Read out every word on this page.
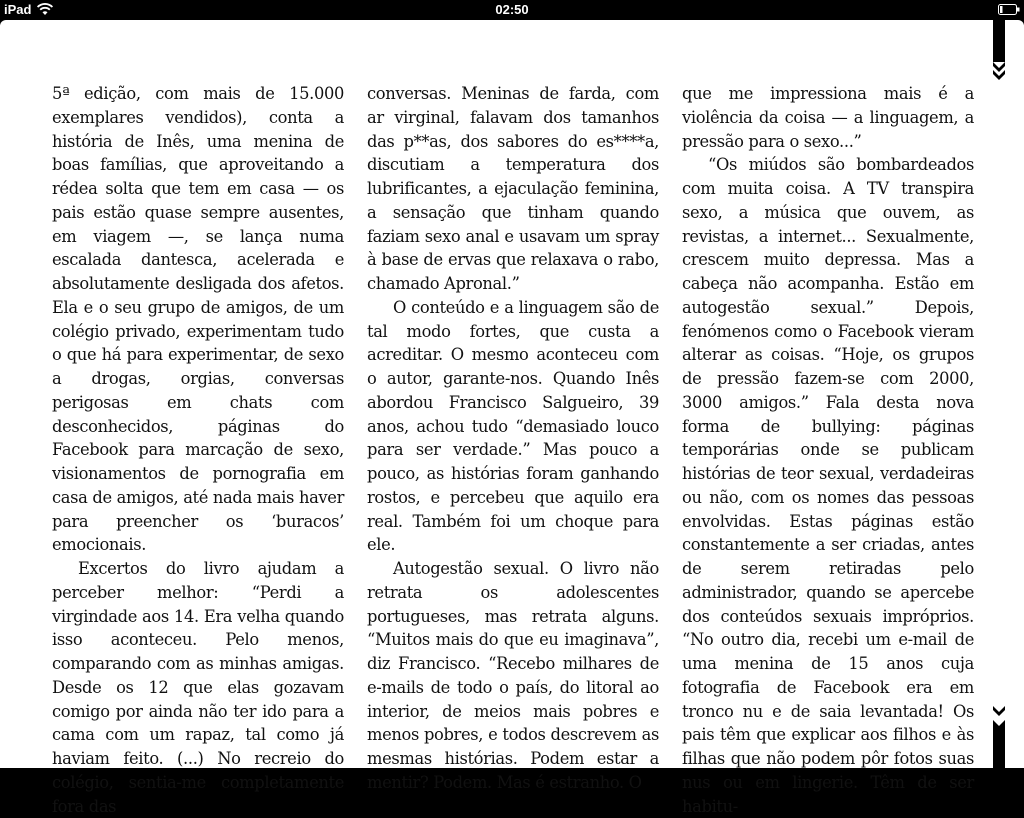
iPad	02:50

5ª edição, com mais de 15.000 exemplares vendidos), conta a história de Inês, uma menina de boas famílias, que aproveitando a rédea solta que tem em casa — os pais estão quase sempre ausentes, em viagem —, se lança numa escalada dantesca, acelerada e absolutamente desligada dos afetos. Ela e o seu grupo de amigos, de um colégio privado, experimentam tudo o que há para experimentar, de sexo a drogas, orgias, conversas perigosas em chats com desconhecidos, páginas do Facebook para marcação de sexo, visionamentos de pornografia em casa de amigos, até nada mais haver para preencher os ‘buracos’ emocionais.

Excertos do livro ajudam a perceber melhor: “Perdi a virgindade aos 14. Era velha quando isso aconteceu. Pelo menos, comparando com as minhas amigas. Desde os 12 que elas gozavam comigo por ainda não ter ido para a cama com um rapaz, tal como já haviam feito. (...) No recreio do colégio, sentia-me completamente fora das

conversas. Meninas de farda, com ar virginal, falavam dos tamanhos das p**as, dos sabores do es****a, discutiam a temperatura dos lubrificantes, a ejaculação feminina, a sensação que tinham quando faziam sexo anal e usavam um spray à base de ervas que relaxava o rabo, chamado Apronal.”

O conteúdo e a linguagem são de tal modo fortes, que custa a acreditar. O mesmo aconteceu com o autor, garante-nos. Quando Inês abordou Francisco Salgueiro, 39 anos, achou tudo “demasiado louco para ser verdade.” Mas pouco a pouco, as histórias foram ganhando rostos, e percebeu que aquilo era real. Também foi um choque para ele.

Autogestão sexual. O livro não retrata os adolescentes portugueses, mas retrata alguns. “Muitos mais do que eu imaginava”, diz Francisco. “Recebo milhares de e-mails de todo o país, do litoral ao interior, de meios mais pobres e menos pobres, e todos descrevem as mesmas histórias. Podem estar a mentir? Podem. Mas é estranho. O

que me impressiona mais é a violência da coisa — a linguagem, a pressão para o sexo...”

“Os miúdos são bombardeados com muita coisa. A TV transpira sexo, a música que ouvem, as revistas, a internet... Sexualmente, crescem muito depressa. Mas a cabeça não acompanha. Estão em autogestão sexual.” Depois, fenómenos como o Facebook vieram alterar as coisas. “Hoje, os grupos de pressão fazem-se com 2000, 3000 amigos.” Fala desta nova forma de bullying: páginas temporárias onde se publicam histórias de teor sexual, verdadeiras ou não, com os nomes das pessoas envolvidas. Estas páginas estão constantemente a ser criadas, antes de serem retiradas pelo administrador, quando se apercebe dos conteúdos sexuais impróprios. “No outro dia, recebi um e-mail de uma menina de 15 anos cuja fotografia de Facebook era em tronco nu e de saia levantada! Os pais têm que explicar aos filhos e às filhas que não podem pôr fotos suas nus ou em lingerie. Têm de ser habitu-
